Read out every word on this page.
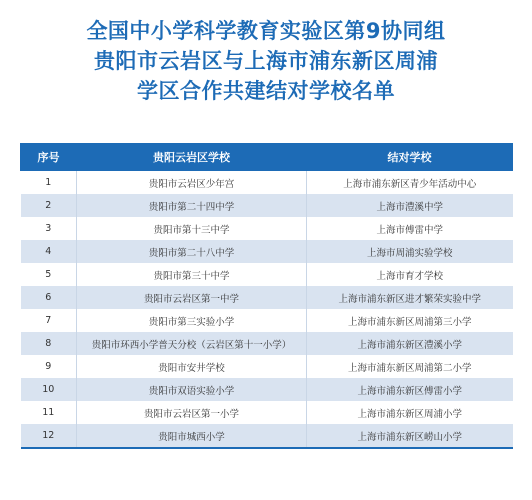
全国中小学科学教育实验区第9协同组
贵阳市云岩区与上海市浦东新区周浦
学区合作共建结对学校名单
序号	贵阳云岩区学校	结对学校
1	贵阳市云岩区少年宫	上海市浦东新区青少年活动中心
2	贵阳市第二十四中学	上海市澧溪中学
3	贵阳市第十三中学	上海市傅雷中学
4	贵阳市第二十八中学	上海市周浦实验学校
5	贵阳市第三十中学	上海市育才学校
6	贵阳市云岩区第一中学	上海市浦东新区进才繁荣实验中学
7	贵阳市第三实验小学	上海市浦东新区周浦第三小学
8	贵阳市环西小学普天分校（云岩区第十一小学）	上海市浦东新区澧溪小学
9	贵阳市安井学校	上海市浦东新区周浦第二小学
10	贵阳市双语实验小学	上海市浦东新区傅雷小学
11	贵阳市云岩区第一小学	上海市浦东新区周浦小学
12	贵阳市城西小学	上海市浦东新区崂山小学
